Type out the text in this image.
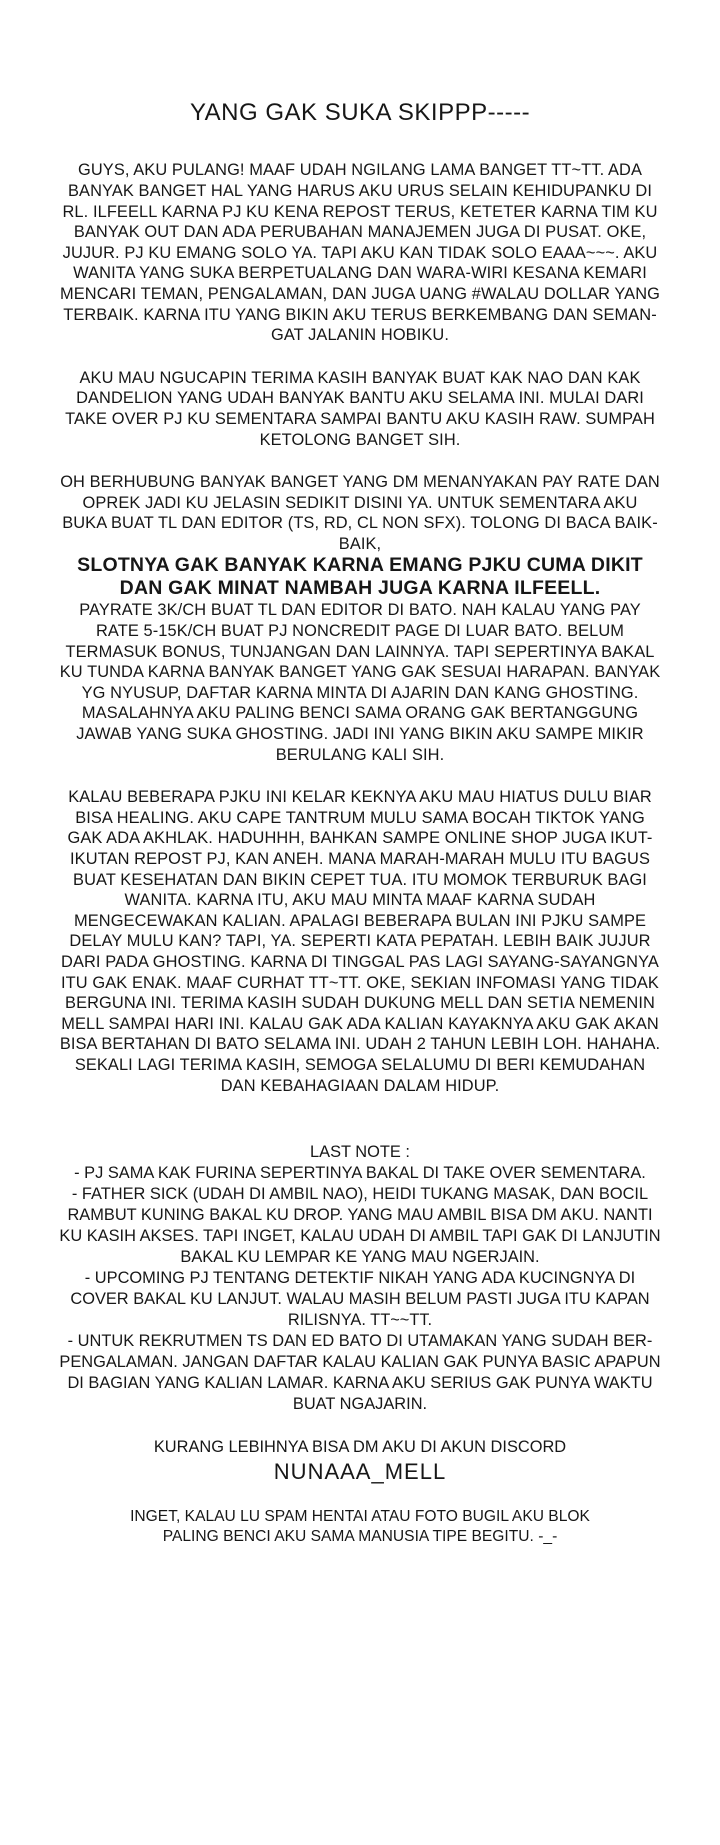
YANG GAK SUKA SKIPPP-----

GUYS, AKU PULANG! MAAF UDAH NGILANG LAMA BANGET TT~TT. ADA BANYAK BANGET HAL YANG HARUS AKU URUS SELAIN KEHIDUPANKU DI RL. ILFEELL KARNA PJ KU KENA REPOST TERUS, KETETER KARNA TIM KU BANYAK OUT DAN ADA PERUBAHAN MANAJEMEN JUGA DI PUSAT. OKE, JUJUR. PJ KU EMANG SOLO YA. TAPI AKU KAN TIDAK SOLO EAAA~~~. AKU WANITA YANG SUKA BERPETUALANG DAN WARA-WIRI KESANA KEMARI MENCARI TEMAN, PENGALAMAN, DAN JUGA UANG #WALAU DOLLAR YANG TERBAIK. KARNA ITU YANG BIKIN AKU TERUS BERKEMBANG DAN SEMAN-GAT JALANIN HOBIKU.

AKU MAU NGUCAPIN TERIMA KASIH BANYAK BUAT KAK NAO DAN KAK DANDELION YANG UDAH BANYAK BANTU AKU SELAMA INI. MULAI DARI TAKE OVER PJ KU SEMENTARA SAMPAI BANTU AKU KASIH RAW. SUMPAH KETOLONG BANGET SIH.

OH BERHUBUNG BANYAK BANGET YANG DM MENANYAKAN PAY RATE DAN OPREK JADI KU JELASIN SEDIKIT DISINI YA. UNTUK SEMENTARA AKU BUKA BUAT TL DAN EDITOR (TS, RD, CL NON SFX). TOLONG DI BACA BAIK-BAIK,

SLOTNYA GAK BANYAK KARNA EMANG PJKU CUMA DIKIT DAN GAK MINAT NAMBAH JUGA KARNA ILFEELL.

PAYRATE 3K/CH BUAT TL DAN EDITOR DI BATO. NAH KALAU YANG PAY RATE 5-15K/CH BUAT PJ NONCREDIT PAGE DI LUAR BATO. BELUM TERMASUK BONUS, TUNJANGAN DAN LAINNYA. TAPI SEPERTINYA BAKAL KU TUNDA KARNA BANYAK BANGET YANG GAK SESUAI HARAPAN. BANYAK YG NYUSUP, DAFTAR KARNA MINTA DI AJARIN DAN KANG GHOSTING. MASALAHNYA AKU PALING BENCI SAMA ORANG GAK BERTANGGUNG JAWAB YANG SUKA GHOSTING. JADI INI YANG BIKIN AKU SAMPE MIKIR BERULANG KALI SIH.

KALAU BEBERAPA PJKU INI KELAR KEKNYA AKU MAU HIATUS DULU BIAR BISA HEALING. AKU CAPE TANTRUM MULU SAMA BOCAH TIKTOK YANG GAK ADA AKHLAK. HADUHHH, BAHKAN SAMPE ONLINE SHOP JUGA IKUT-IKUTAN REPOST PJ, KAN ANEH. MANA MARAH-MARAH MULU ITU BAGUS BUAT KESEHATAN DAN BIKIN CEPET TUA. ITU MOMOK TERBURUK BAGI WANITA. KARNA ITU, AKU MAU MINTA MAAF KARNA SUDAH MENGECEWAKAN KALIAN. APALAGI BEBERAPA BULAN INI PJKU SAMPE DELAY MULU KAN? TAPI, YA. SEPERTI KATA PEPATAH. LEBIH BAIK JUJUR DARI PADA GHOSTING. KARNA DI TINGGAL PAS LAGI SAYANG-SAYANGNYA ITU GAK ENAK. MAAF CURHAT TT~TT. OKE, SEKIAN INFOMASI YANG TIDAK BERGUNA INI. TERIMA KASIH SUDAH DUKUNG MELL DAN SETIA NEMENIN MELL SAMPAI HARI INI. KALAU GAK ADA KALIAN KAYAKNYA AKU GAK AKAN BISA BERTAHAN DI BATO SELAMA INI. UDAH 2 TAHUN LEBIH LOH. HAHAHA. SEKALI LAGI TERIMA KASIH, SEMOGA SELALUMU DI BERI KEMUDAHAN DAN KEBAHAGIAAN DALAM HIDUP.

LAST NOTE :

- PJ SAMA KAK FURINA SEPERTINYA BAKAL DI TAKE OVER SEMENTARA.

- FATHER SICK (UDAH DI AMBIL NAO), HEIDI TUKANG MASAK, DAN BOCIL RAMBUT KUNING BAKAL KU DROP. YANG MAU AMBIL BISA DM AKU. NANTI KU KASIH AKSES. TAPI INGET, KALAU UDAH DI AMBIL TAPI GAK DI LANJUTIN BAKAL KU LEMPAR KE YANG MAU NGERJAIN.

- UPCOMING PJ TENTANG DETEKTIF NIKAH YANG ADA KUCINGNYA DI COVER BAKAL KU LANJUT. WALAU MASIH BELUM PASTI JUGA ITU KAPAN RILISNYA. TT~~TT.

- UNTUK REKRUTMEN TS DAN ED BATO DI UTAMAKAN YANG SUDAH BER-PENGALAMAN. JANGAN DAFTAR KALAU KALIAN GAK PUNYA BASIC APAPUN DI BAGIAN YANG KALIAN LAMAR. KARNA AKU SERIUS GAK PUNYA WAKTU BUAT NGAJARIN.

KURANG LEBIHNYA BISA DM AKU DI AKUN DISCORD

NUNAAA_MELL

INGET, KALAU LU SPAM HENTAI ATAU FOTO BUGIL AKU BLOK

PALING BENCI AKU SAMA MANUSIA TIPE BEGITU. -_-
